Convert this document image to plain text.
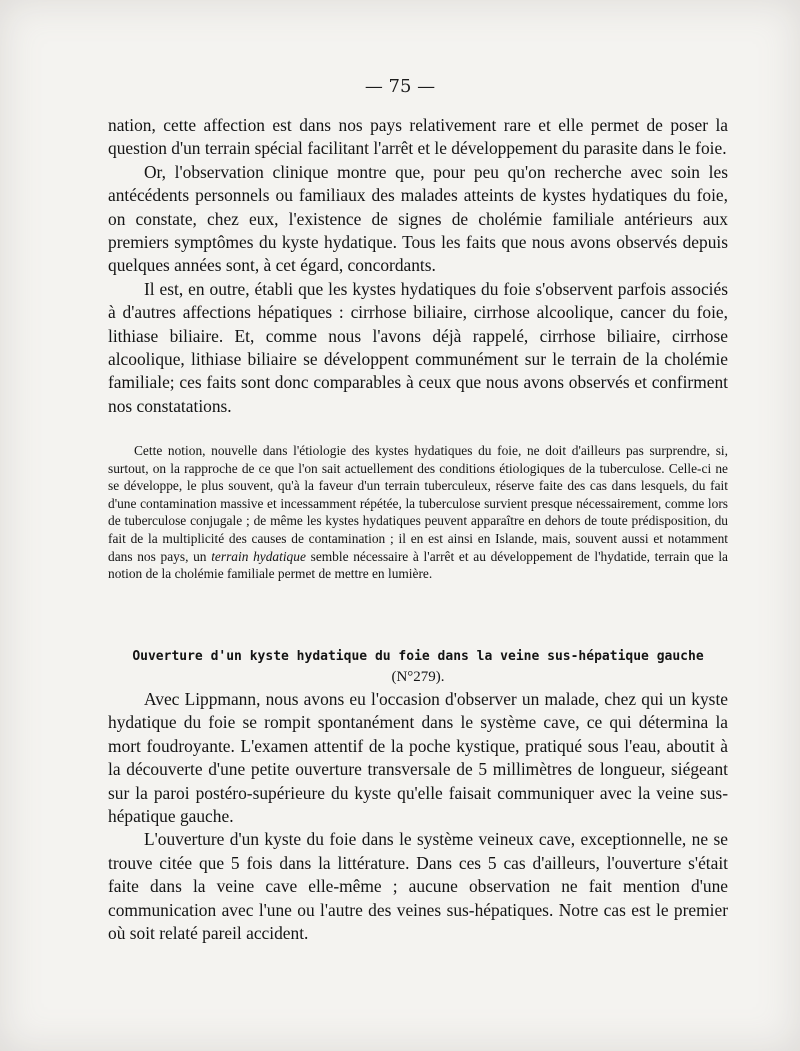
— 75 —

nation, cette affection est dans nos pays relativement rare et elle permet de poser la question d'un terrain spécial facilitant l'arrêt et le développement du parasite dans le foie.

Or, l'observation clinique montre que, pour peu qu'on recherche avec soin les antécédents personnels ou familiaux des malades atteints de kystes hydatiques du foie, on constate, chez eux, l'existence de signes de cholémie familiale antérieurs aux premiers symptômes du kyste hydatique. Tous les faits que nous avons observés depuis quelques années sont, à cet égard, concordants.

Il est, en outre, établi que les kystes hydatiques du foie s'observent parfois associés à d'autres affections hépatiques : cirrhose biliaire, cirrhose alcoolique, cancer du foie, lithiase biliaire. Et, comme nous l'avons déjà rappelé, cirrhose biliaire, cirrhose alcoolique, lithiase biliaire se développent communément sur le terrain de la cholémie familiale; ces faits sont donc comparables à ceux que nous avons observés et confirment nos constatations.

Cette notion, nouvelle dans l'étiologie des kystes hydatiques du foie, ne doit d'ailleurs pas surprendre, si, surtout, on la rapproche de ce que l'on sait actuellement des conditions étiologiques de la tuberculose. Celle-ci ne se développe, le plus souvent, qu'à la faveur d'un terrain tuberculeux, réserve faite des cas dans lesquels, du fait d'une contamination massive et incessamment répétée, la tuberculose survient presque nécessairement, comme lors de tuberculose conjugale ; de même les kystes hydatiques peuvent apparaître en dehors de toute prédisposition, du fait de la multiplicité des causes de contamination ; il en est ainsi en Islande, mais, souvent aussi et notamment dans nos pays, un terrain hydatique semble nécessaire à l'arrêt et au développement de l'hydatide, terrain que la notion de la cholémie familiale permet de mettre en lumière.
Ouverture d'un kyste hydatique du foie dans la veine sus-hépatique gauche (N°279).

Avec Lippmann, nous avons eu l'occasion d'observer un malade, chez qui un kyste hydatique du foie se rompit spontanément dans le système cave, ce qui détermina la mort foudroyante. L'examen attentif de la poche kystique, pratiqué sous l'eau, aboutit à la découverte d'une petite ouverture transversale de 5 millimètres de longueur, siégeant sur la paroi postéro-supérieure du kyste qu'elle faisait communiquer avec la veine sus-hépatique gauche.

L'ouverture d'un kyste du foie dans le système veineux cave, exceptionnelle, ne se trouve citée que 5 fois dans la littérature. Dans ces 5 cas d'ailleurs, l'ouverture s'était faite dans la veine cave elle-même ; aucune observation ne fait mention d'une communication avec l'une ou l'autre des veines sus-hépatiques. Notre cas est le premier où soit relaté pareil accident.
